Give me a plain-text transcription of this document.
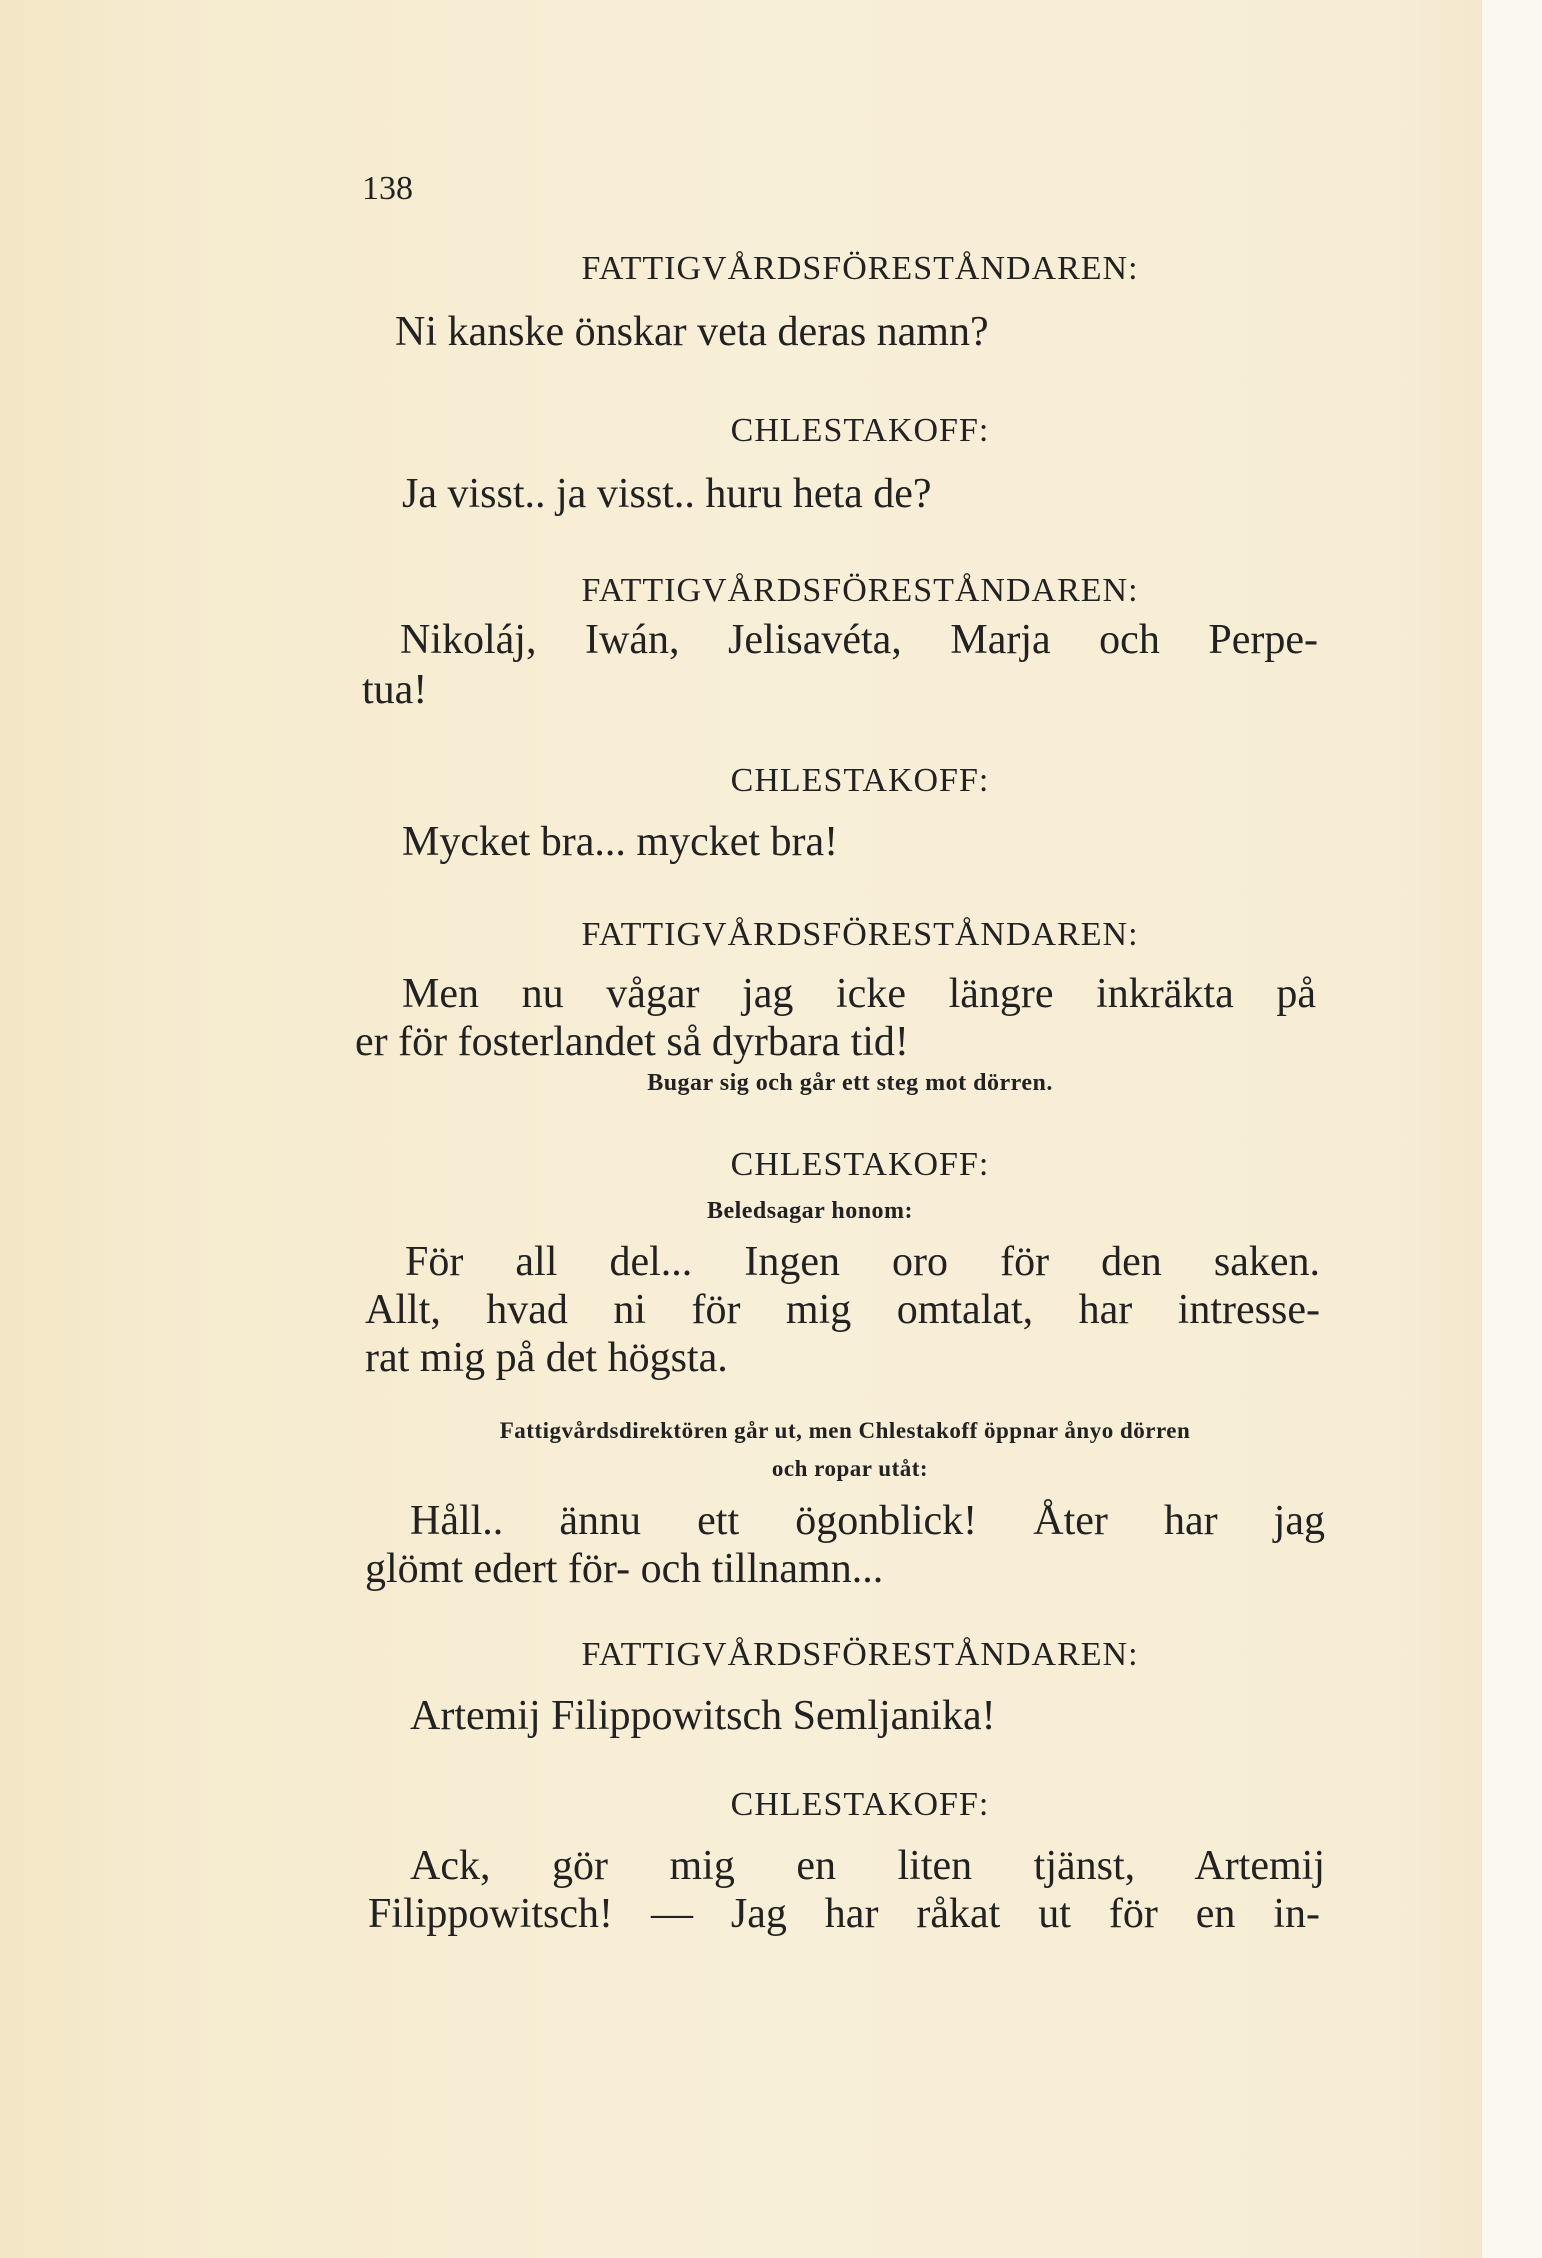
138
FATTIGVÅRDSFÖRESTÅNDAREN:
Ni kanske önskar veta deras namn?
CHLESTAKOFF:
Ja visst.. ja visst.. huru heta de?
FATTIGVÅRDSFÖRESTÅNDAREN:
Nikoláj, Iwán, Jelisavéta, Marja och Perpe-
tua!
CHLESTAKOFF:
Mycket bra... mycket bra!
FATTIGVÅRDSFÖRESTÅNDAREN:
Men nu vågar jag icke längre inkräkta på
er för fosterlandet så dyrbara tid!
Bugar sig och går ett steg mot dörren.
CHLESTAKOFF:
Beledsagar honom:
För all del... Ingen oro för den saken.
Allt, hvad ni för mig omtalat, har intresse-
rat mig på det högsta.
Fattigvårdsdirektören går ut, men Chlestakoff öppnar ånyo dörren
och ropar utåt:
Håll.. ännu ett ögonblick! Åter har jag
glömt edert för- och tillnamn...
FATTIGVÅRDSFÖRESTÅNDAREN:
Artemij Filippowitsch Semljanika!
CHLESTAKOFF:
Ack, gör mig en liten tjänst, Artemij
Filippowitsch! — Jag har råkat ut för en in-
